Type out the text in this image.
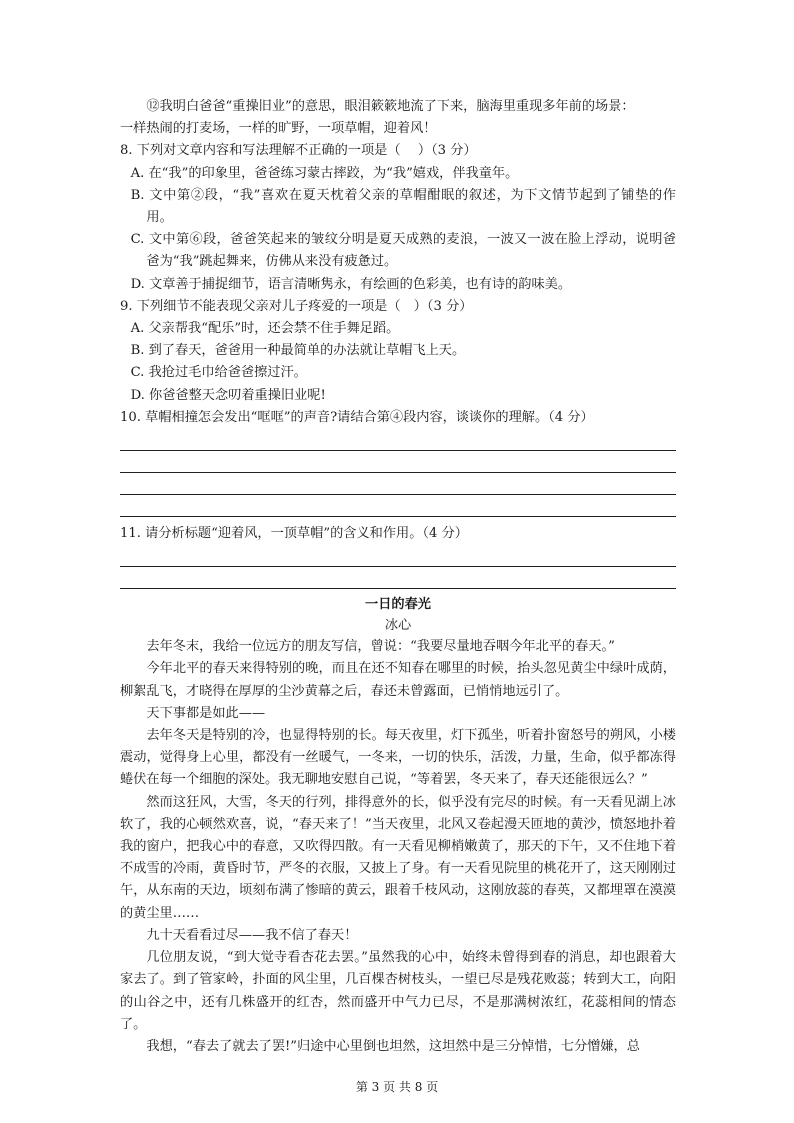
⑫我明白爸爸“重操旧业”的意思，眼泪簌簌地流了下来，脑海里重现多年前的场景：

一样热闹的打麦场，一样的旷野，一项草帽，迎着风！

8. 下列对文章内容和写法理解不正确的一项是（　 ）（3 分）

A. 在“我”的印象里，爸爸练习蒙古摔跤，为“我”嬉戏，伴我童年。

B. 文中第②段，“我”喜欢在夏天枕着父亲的草帽酣眠的叙述，为下文情节起到了铺垫的作用。

C. 文中第⑥段，爸爸笑起来的皱纹分明是夏天成熟的麦浪，一波又一波在脸上浮动，说明爸爸为“我”跳起舞来，仿佛从来没有疲惫过。

D. 文章善于捕捉细节，语言清晰隽永，有绘画的色彩美，也有诗的韵味美。

9. 下列细节不能表现父亲对儿子疼爱的一项是（　）（3 分）

A. 父亲帮我“配乐”时，还会禁不住手舞足蹈。

B. 到了春天，爸爸用一种最简单的办法就让草帽飞上天。

C. 我抢过毛巾给爸爸擦过汗。

D. 你爸爸整天念叨着重操旧业呢!

10. 草帽相撞怎会发出“哐哐”的声音?请结合第④段内容，谈谈你的理解。（4 分）

11. 请分析标题“迎着风，一顶草帽”的含义和作用。（4 分）

一日的春光

冰心

去年冬末，我给一位远方的朋友写信，曾说：“我要尽量地吞咽今年北平的春天。”

今年北平的春天来得特别的晚，而且在还不知春在哪里的时候，抬头忽见黄尘中绿叶成荫，柳絮乱飞，才晓得在厚厚的尘沙黄幕之后，春还未曾露面，已悄悄地远引了。

天下事都是如此——

去年冬天是特别的冷，也显得特别的长。每天夜里，灯下孤坐，听着扑窗怒号的朔风，小楼震动，觉得身上心里，都没有一丝暖气，一冬来，一切的快乐，活泼，力量，生命，似乎都冻得蜷伏在每一个细胞的深处。我无聊地安慰自己说，“等着罢，冬天来了，春天还能很远么？”

然而这狂风，大雪，冬天的行列，排得意外的长，似乎没有完尽的时候。有一天看见湖上冰软了，我的心顿然欢喜，说，“春天来了！”当天夜里，北风又卷起漫天匝地的黄沙，愤怒地扑着我的窗户，把我心中的春意，又吹得四散。有一天看见柳梢嫩黄了，那天的下午，又不住地下着不成雪的冷雨，黄昏时节，严冬的衣服，又披上了身。有一天看见院里的桃花开了，这天刚刚过午，从东南的天边，顷刻布满了惨暗的黄云，跟着千枝风动，这刚放蕊的春英，又都埋罩在漠漠的黄尘里……

九十天看看过尽——我不信了春天！

几位朋友说，“到大觉寺看杏花去罢。”虽然我的心中，始终未曾得到春的消息，却也跟着大家去了。到了管家岭，扑面的风尘里，几百棵杏树枝头，一望已尽是残花败蕊；转到大工，向阳的山谷之中，还有几株盛开的红杏，然而盛开中气力已尽，不是那满树浓红，花蕊相间的情态了。

我想，“春去了就去了罢!”归途中心里倒也坦然，这坦然中是三分悼惜，七分憎嫌，总

第 3 页 共 8 页
